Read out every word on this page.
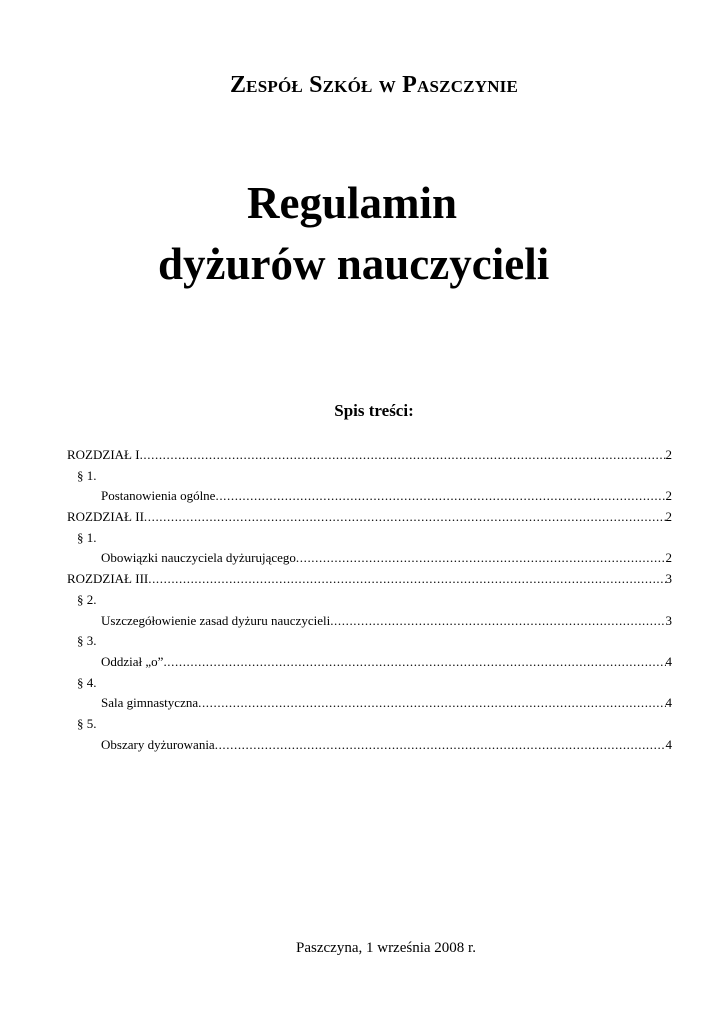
Zespół Szkół w Paszczynie
Regulamin
dyżurów nauczycieli
Spis treści:
ROZDZIAŁ I .....	2
§ 1.
Postanowienia ogólne .....	2
ROZDZIAŁ II .....	2
§ 1.
Obowiązki nauczyciela dyżurującego .....	2
ROZDZIAŁ III .....	3
§ 2.
Uszczegółowienie zasad dyżuru nauczycieli .....	3
§ 3.
Oddział „o” .....	4
§ 4.
Sala gimnastyczna .....	4
§ 5.
Obszary dyżurowania .....	4
Paszczyna, 1 września 2008 r.
